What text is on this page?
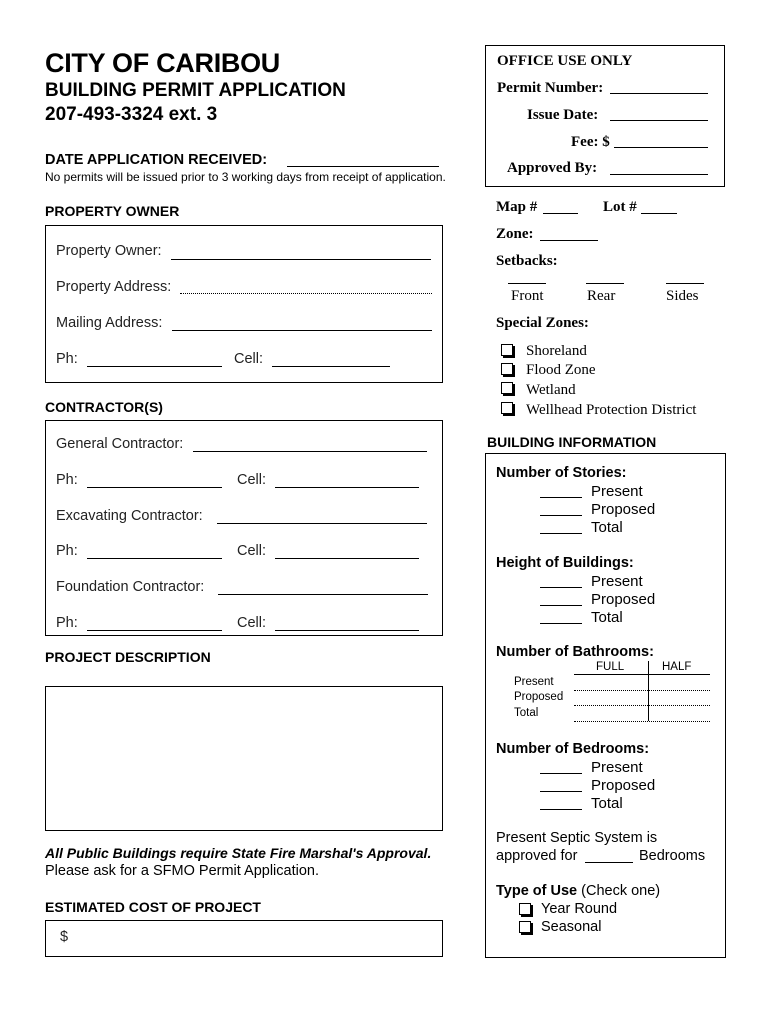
CITY OF CARIBOU
BUILDING PERMIT APPLICATION
207-493-3324 ext. 3
DATE APPLICATION RECEIVED:
No permits will be issued prior to 3 working days from receipt of application.
OFFICE USE ONLY
Permit Number:
Issue Date:
Fee: $
Approved By:
Map #	Lot #
Zone:
Setbacks:
Front	Rear	Sides
Special Zones:
Shoreland
Flood Zone
Wetland
Wellhead Protection District
PROPERTY OWNER
Property Owner:
Property Address:
Mailing Address:
Ph:	Cell:
CONTRACTOR(S)
General Contractor:
Ph:	Cell:
Excavating Contractor:
Ph:	Cell:
Foundation Contractor:
Ph:	Cell:
PROJECT DESCRIPTION
All Public Buildings require State Fire Marshal's Approval.
Please ask for a SFMO Permit Application.
ESTIMATED COST OF PROJECT
$
BUILDING INFORMATION
Number of Stories:
Present
Proposed
Total
Height of Buildings:
Present
Proposed
Total
Number of Bathrooms:
FULL	HALF
Present
Proposed
Total
Number of Bedrooms:
Present
Proposed
Total
Present Septic System is
approved for	Bedrooms
Type of Use (Check one)
Year Round
Seasonal
